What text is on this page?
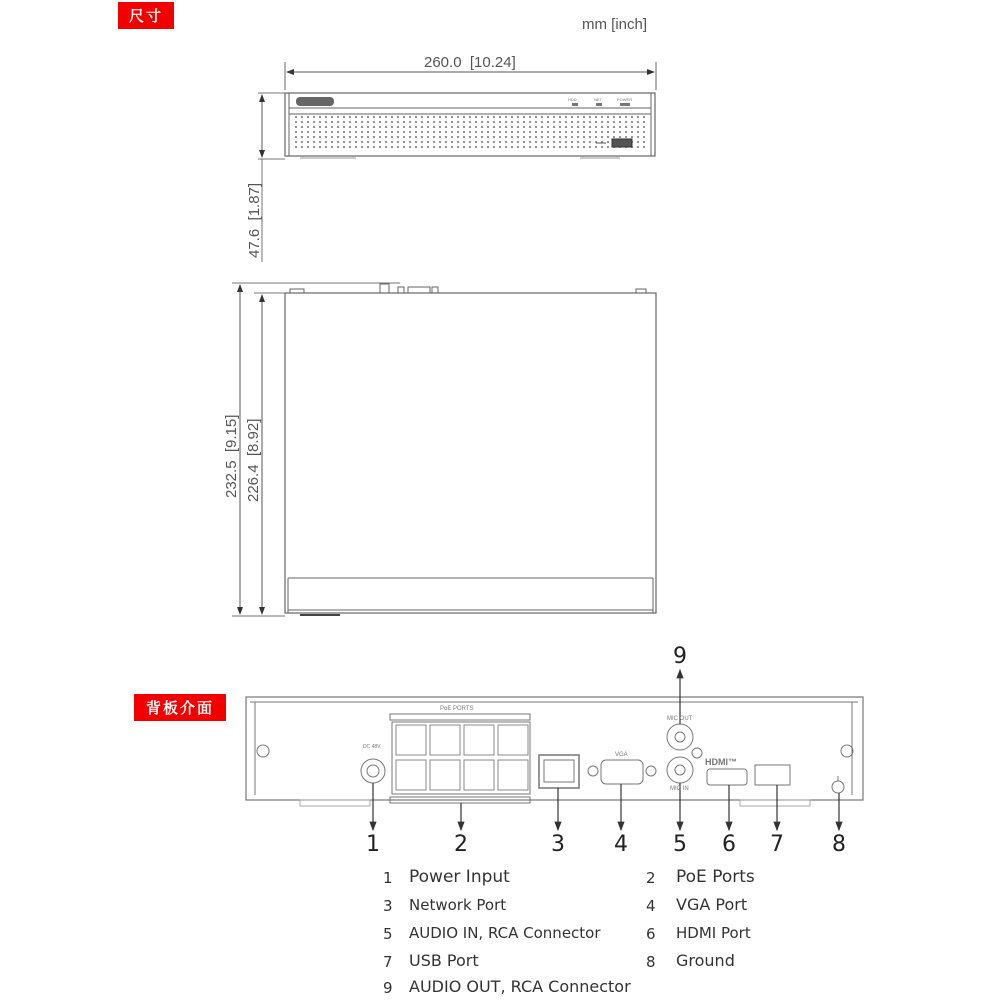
尺寸
背板介面
mm [inch]
260.0  [10.24]
47.6  [1.87]
232.5  [9.15] 226.4  [8.92]
HDD	NET	POWER
PoE PORTS
DC 48V
VGA
MIC OUT
MIC IN
HDMI™
1	2	3 4 5 6 7 8
9
1 Power Input	2 PoE Ports
3 Network Port	4 VGA Port
5 AUDIO IN, RCA Connector	6 HDMI Port
7 USB Port	8 Ground
9 AUDIO OUT, RCA Connector
